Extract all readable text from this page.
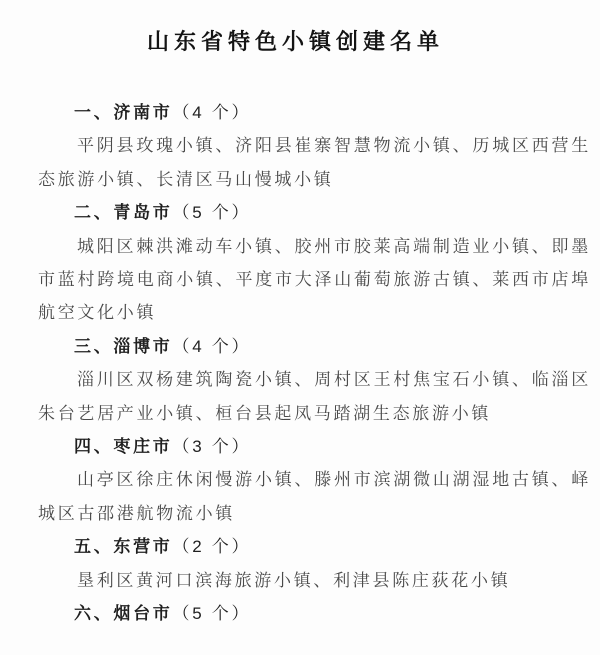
山东省特色小镇创建名单
一、济南市（4 个）

平阴县玫瑰小镇、济阳县崔寨智慧物流小镇、历城区西营生态旅游小镇、长清区马山慢城小镇

二、青岛市（5 个）

城阳区棘洪滩动车小镇、胶州市胶莱高端制造业小镇、即墨市蓝村跨境电商小镇、平度市大泽山葡萄旅游古镇、莱西市店埠航空文化小镇

三、淄博市（4 个）

淄川区双杨建筑陶瓷小镇、周村区王村焦宝石小镇、临淄区朱台艺居产业小镇、桓台县起凤马踏湖生态旅游小镇

四、枣庄市（3 个）

山亭区徐庄休闲慢游小镇、滕州市滨湖微山湖湿地古镇、峄城区古邵港航物流小镇

五、东营市（2 个）

垦利区黄河口滨海旅游小镇、利津县陈庄荻花小镇

六、烟台市（5 个）
